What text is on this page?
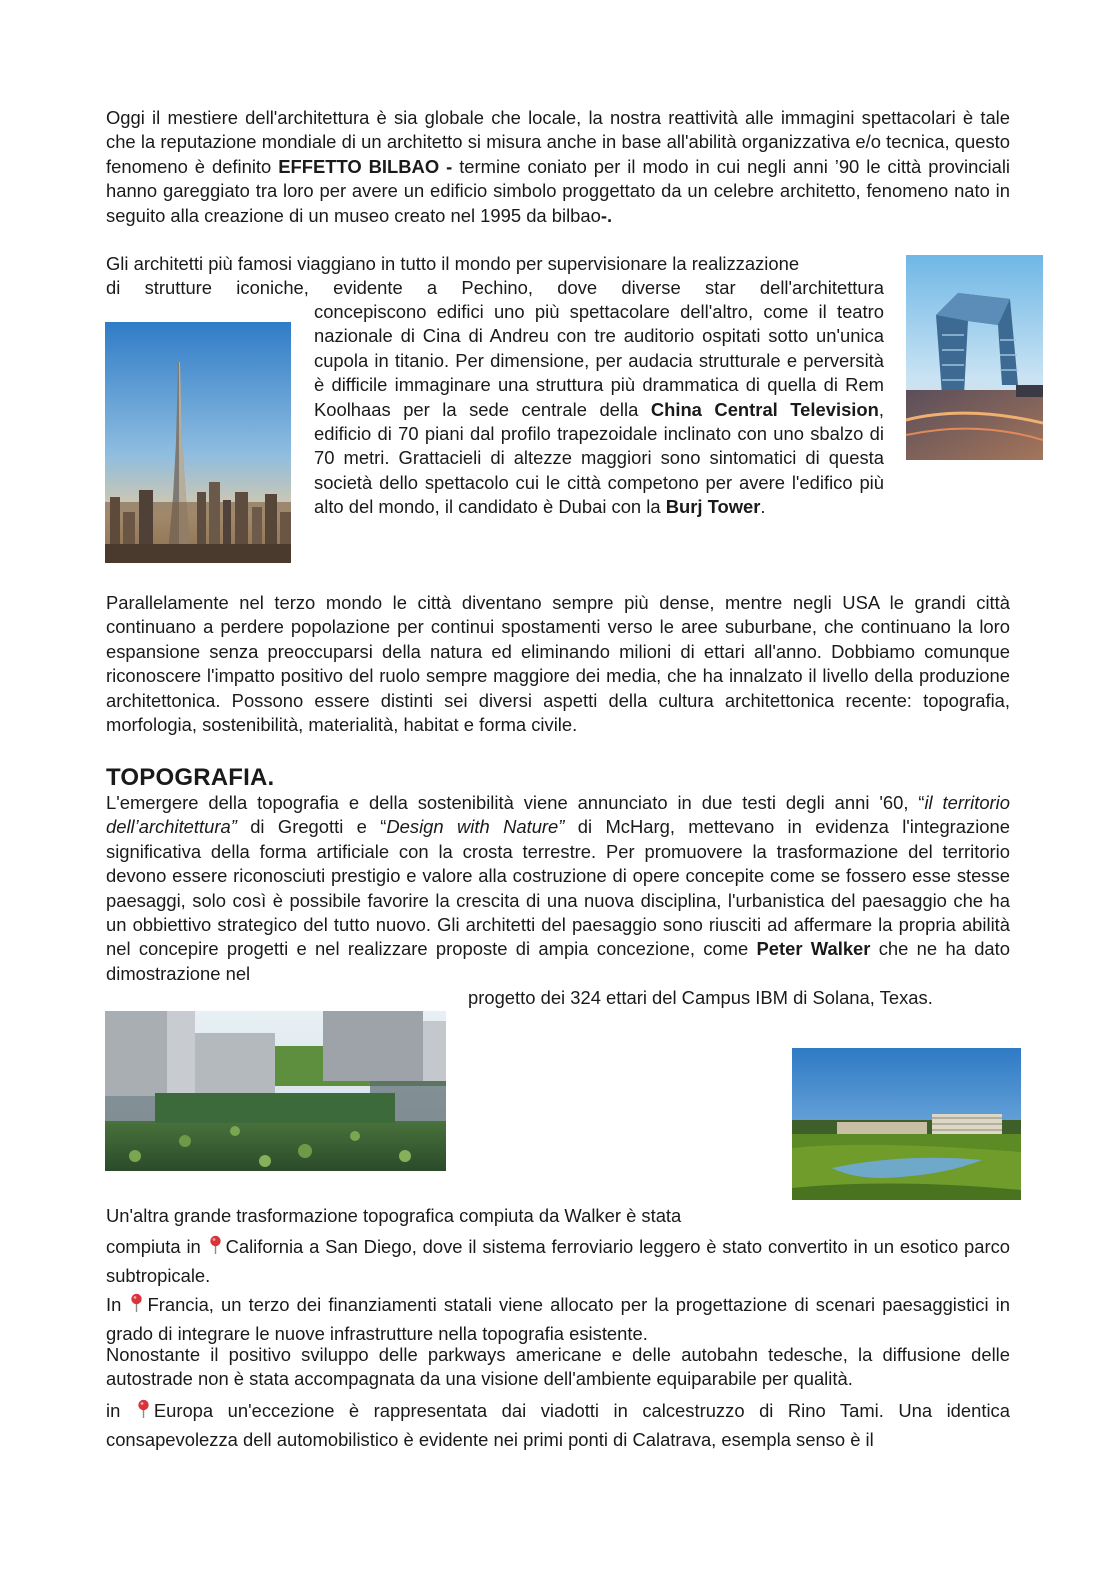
Oggi il mestiere dell'architettura è sia globale che locale, la nostra reattività alle immagini spettacolari è tale che la reputazione mondiale di un architetto si misura anche in base all'abilità organizzativa e/o tecnica, questo fenomeno è definito EFFETTO BILBAO - termine coniato per il modo in cui negli anni ’90 le città provinciali hanno gareggiato tra loro per avere un edificio simbolo proggettato da un celebre architetto, fenomeno nato in seguito alla creazione di un museo creato nel 1995 da bilbao-.

Gli architetti più famosi viaggiano in tutto il mondo per supervisionare la realizzazione

di strutture iconiche, evidente a Pechino, dove diverse star dell'architettura

concepiscono edifici uno più spettacolare dell'altro, come il teatro nazionale di Cina di Andreu con tre auditorio ospitati sotto un'unica cupola in titanio. Per dimensione, per audacia strutturale e perversità è difficile immaginare una struttura più drammatica di quella di Rem Koolhaas per la sede centrale della China Central Television, edificio di 70 piani dal profilo trapezoidale inclinato con uno sbalzo di 70 metri. Grattacieli di altezze maggiori sono sintomatici di questa società dello spettacolo cui le città competono per avere l'edifico più alto del mondo, il candidato è Dubai con la Burj Tower.

Parallelamente nel terzo mondo le città diventano sempre più dense, mentre negli USA le grandi città continuano a perdere popolazione per continui spostamenti verso le aree suburbane, che continuano la loro espansione senza preoccuparsi della natura ed eliminando milioni di ettari all'anno. Dobbiamo comunque riconoscere l'impatto positivo del ruolo sempre maggiore dei media, che ha innalzato il livello della produzione architettonica. Possono essere distinti sei diversi aspetti della cultura architettonica recente: topografia, morfologia, sostenibilità, materialità, habitat e forma civile.

TOPOGRAFIA.

L'emergere della topografia e della sostenibilità viene annunciato in due testi degli anni '60, “il territorio dell’architettura” di Gregotti e “Design with Nature” di McHarg, mettevano in evidenza l'integrazione significativa della forma artificiale con la crosta terrestre. Per promuovere la trasformazione del territorio devono essere riconosciuti prestigio e valore alla costruzione di opere concepite come se fossero esse stesse paesaggi, solo così è possibile favorire la crescita di una nuova disciplina, l'urbanistica del paesaggio che ha un obbiettivo strategico del tutto nuovo. Gli architetti del paesaggio sono riusciti ad affermare la propria abilità nel concepire progetti e nel realizzare proposte di ampia concezione, come Peter Walker che ne ha dato dimostrazione nel

progetto dei 324 ettari del Campus IBM di Solana, Texas.

Un'altra grande trasformazione topografica compiuta da Walker è stata

compiuta in
California a San Diego, dove il sistema ferroviario leggero è stato convertito in un esotico parco subtropicale.

In
Francia, un terzo dei finanziamenti statali viene allocato per la progettazione di scenari paesaggistici in grado di integrare le nuove infrastrutture nella topografia esistente.

Nonostante il positivo sviluppo delle parkways americane e delle autobahn tedesche, la diffusione delle autostrade non è stata accompagnata da una visione dell'ambiente equiparabile per qualità.

in
Europa un'eccezione è rappresentata dai viadotti in calcestruzzo di Rino Tami. Una identica consapevolezza dell automobilistico è evidente nei primi ponti di Calatrava, esempla senso è il
